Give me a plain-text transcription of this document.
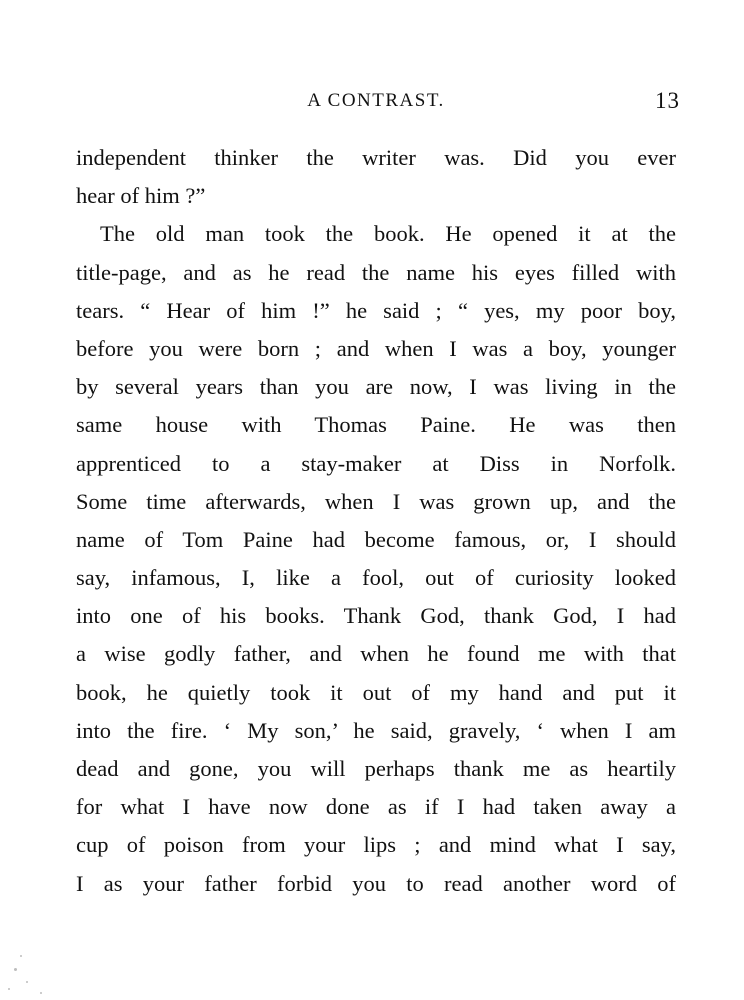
A CONTRAST.	13
independent thinker the writer was. Did you ever
hear of him ?”
The old man took the book. He opened it at the
title-page, and as he read the name his eyes filled with
tears. “ Hear of him !” he said ; “ yes, my poor boy,
before you were born ; and when I was a boy, younger
by several years than you are now, I was living in the
same house with Thomas Paine. He was then
apprenticed to a stay-maker at Diss in Norfolk.
Some time afterwards, when I was grown up, and the
name of Tom Paine had become famous, or, I should
say, infamous, I, like a fool, out of curiosity looked
into one of his books. Thank God, thank God, I had
a wise godly father, and when he found me with that
book, he quietly took it out of my hand and put it
into the fire. ‘ My son,’ he said, gravely, ‘ when I am
dead and gone, you will perhaps thank me as heartily
for what I have now done as if I had taken away a
cup of poison from your lips ; and mind what I say,
I as your father forbid you to read another word of
